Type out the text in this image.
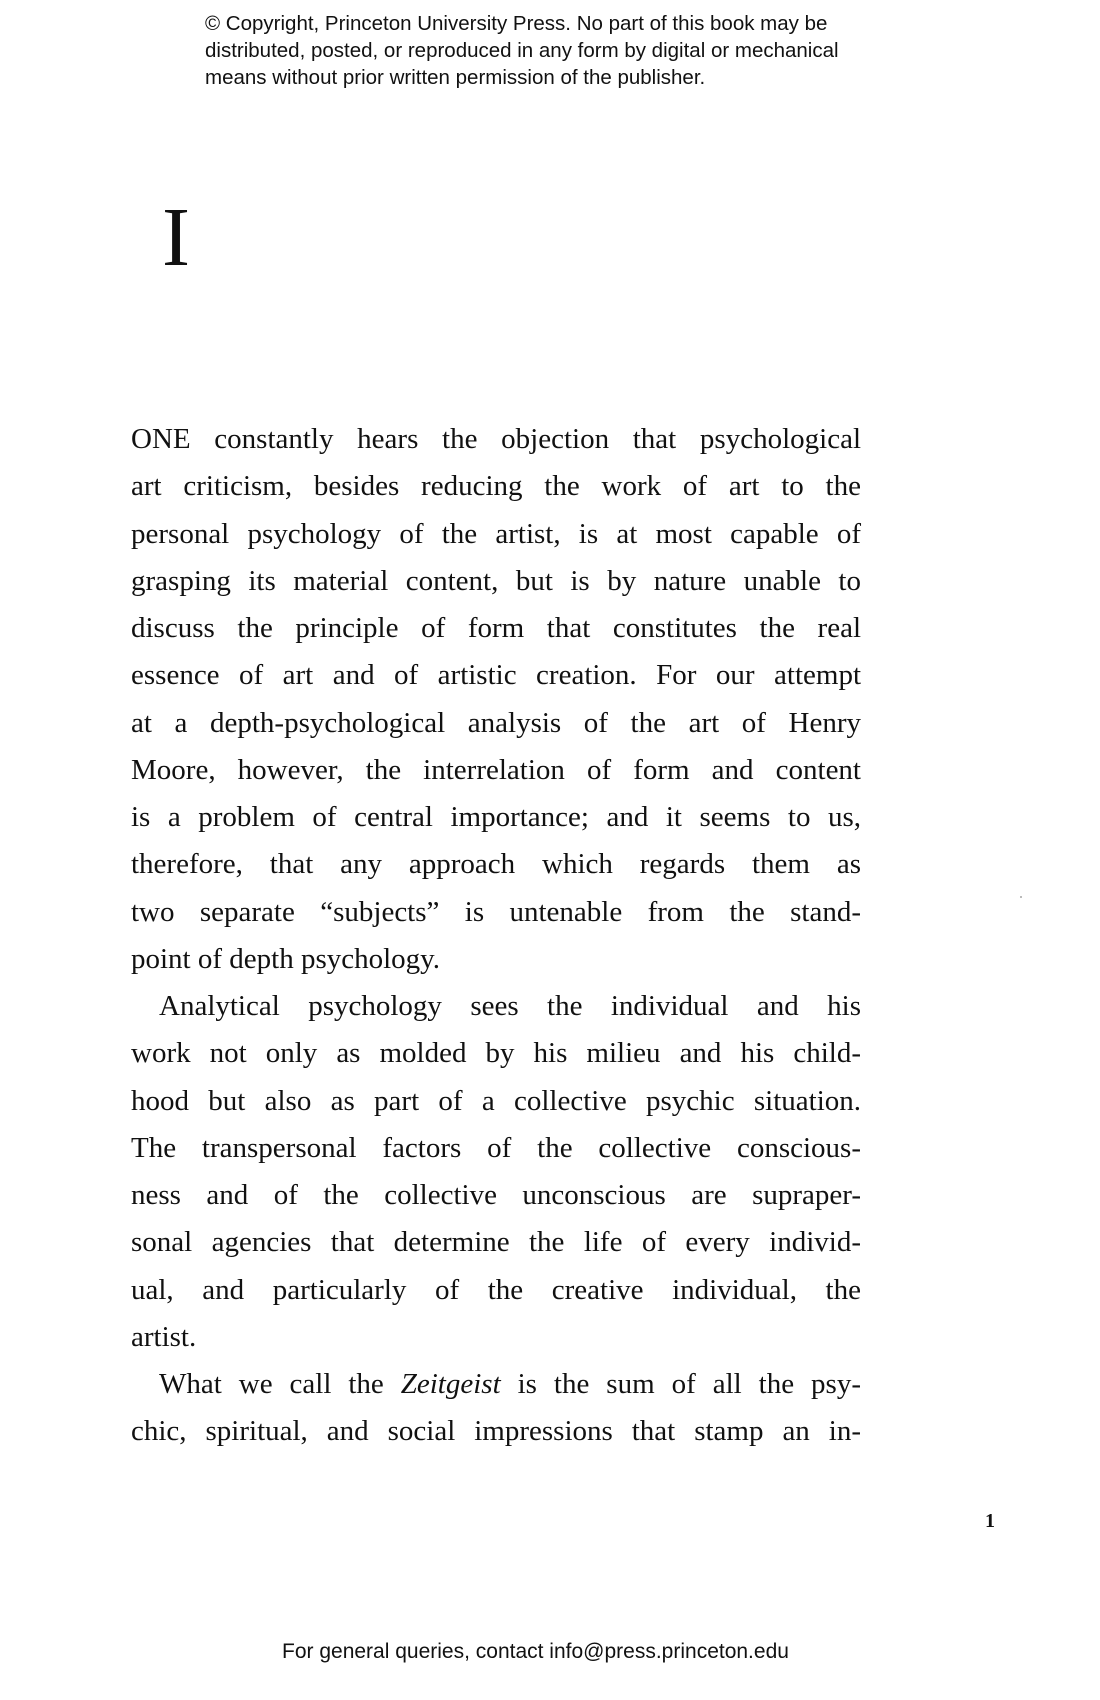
© Copyright, Princeton University Press. No part of this book may be
distributed, posted, or reproduced in any form by digital or mechanical
means without prior written permission of the publisher.
I
ONE constantly hears the objection that psychological
art criticism, besides reducing the work of art to the
personal psychology of the artist, is at most capable of
grasping its material content, but is by nature unable to
discuss the principle of form that constitutes the real
essence of art and of artistic creation. For our attempt
at a depth-psychological analysis of the art of Henry
Moore, however, the interrelation of form and content
is a problem of central importance; and it seems to us,
therefore, that any approach which regards them as
two separate “subjects” is untenable from the stand-
point of depth psychology.
Analytical psychology sees the individual and his
work not only as molded by his milieu and his child-
hood but also as part of a collective psychic situation.
The transpersonal factors of the collective conscious-
ness and of the collective unconscious are supraper-
sonal agencies that determine the life of every individ-
ual, and particularly of the creative individual, the
artist.
What we call the Zeitgeist is the sum of all the psy-
chic, spiritual, and social impressions that stamp an in-
1
For general queries, contact info@press.princeton.edu
